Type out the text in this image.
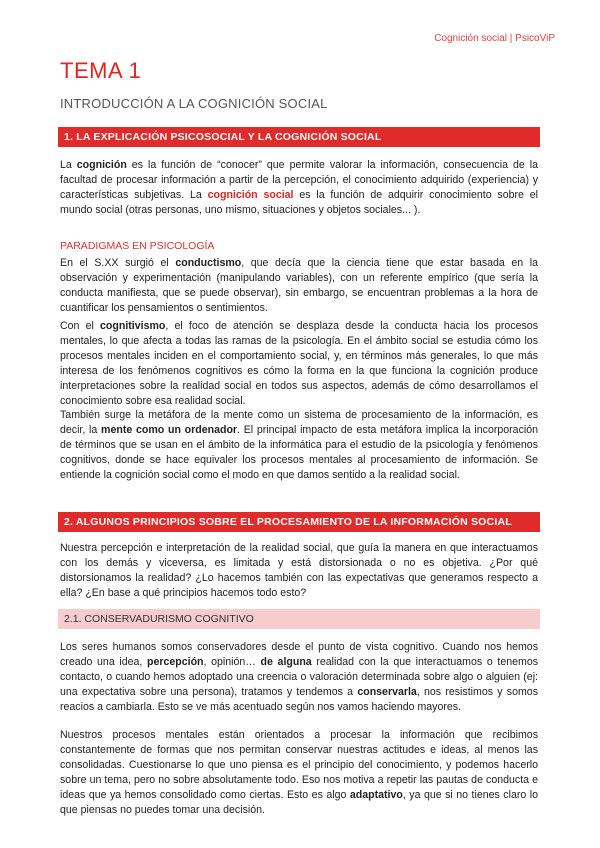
Cognición social | PsicoViP
TEMA 1
INTRODUCCIÓN A LA COGNICIÓN SOCIAL
1. LA EXPLICACIÓN PSICOSOCIAL Y LA COGNICIÓN SOCIAL

La cognición es la función de “conocer” que permite valorar la información, consecuencia de la facultad de procesar información a partir de la percepción, el conocimiento adquirido (experiencia) y características subjetivas. La cognición social es la función de adquirir conocimiento sobre el mundo social (otras personas, uno mismo, situaciones y objetos sociales... ).

PARADIGMAS EN PSICOLOGÍA

En el S.XX surgió el conductismo, que decía que la ciencia tiene que estar basada en la observación y experimentación (manipulando variables), con un referente empírico (que sería la conducta manifiesta, que se puede observar), sin embargo, se encuentran problemas a la hora de cuantificar los pensamientos o sentimientos.

Con el cognitivismo, el foco de atención se desplaza desde la conducta hacia los procesos mentales, lo que afecta a todas las ramas de la psicología. En el ámbito social se estudia cómo los procesos mentales inciden en el comportamiento social, y, en términos más generales, lo que más interesa de los fenómenos cognitivos es cómo la forma en la que funciona la cognición produce interpretaciones sobre la realidad social en todos sus aspectos, además de cómo desarrollamos el conocimiento sobre esa realidad social.

También surge la metáfora de la mente como un sistema de procesamiento de la información, es decir, la mente como un ordenador. El principal impacto de esta metáfora implica la incorporación de términos que se usan en el ámbito de la informática para el estudio de la psicología y fenómenos cognitivos, donde se hace equivaler los procesos mentales al procesamiento de información. Se entiende la cognición social como el modo en que damos sentido a la realidad social.

2. ALGUNOS PRINCIPIOS SOBRE EL PROCESAMIENTO DE LA INFORMACIÓN SOCIAL

Nuestra percepción e interpretación de la realidad social, que guía la manera en que interactuamos con los demás y viceversa, es limitada y está distorsionada o no es objetiva. ¿Por qué distorsionamos la realidad? ¿Lo hacemos también con las expectativas que generamos respecto a ella? ¿En base a qué principios hacemos todo esto?

2.1. CONSERVADURISMO COGNITIVO

Los seres humanos somos conservadores desde el punto de vista cognitivo. Cuando nos hemos creado una idea, percepción, opinión… de alguna realidad con la que interactuamos o tenemos contacto, o cuando hemos adoptado una creencia o valoración determinada sobre algo o alguien (ej: una expectativa sobre una persona), tratamos y tendemos a conservarla, nos resistimos y somos reacios a cambiarla. Esto se ve más acentuado según nos vamos haciendo mayores.

Nuestros procesos mentales están orientados a procesar la información que recibimos constantemente de formas que nos permitan conservar nuestras actitudes e ideas, al menos las consolidadas. Cuestionarse lo que uno piensa es el principio del conocimiento, y podemos hacerlo sobre un tema, pero no sobre absolutamente todo. Eso nos motiva a repetir las pautas de conducta e ideas que ya hemos consolidado como ciertas. Esto es algo adaptativo, ya que si no tienes claro lo que piensas no puedes tomar una decisión.
